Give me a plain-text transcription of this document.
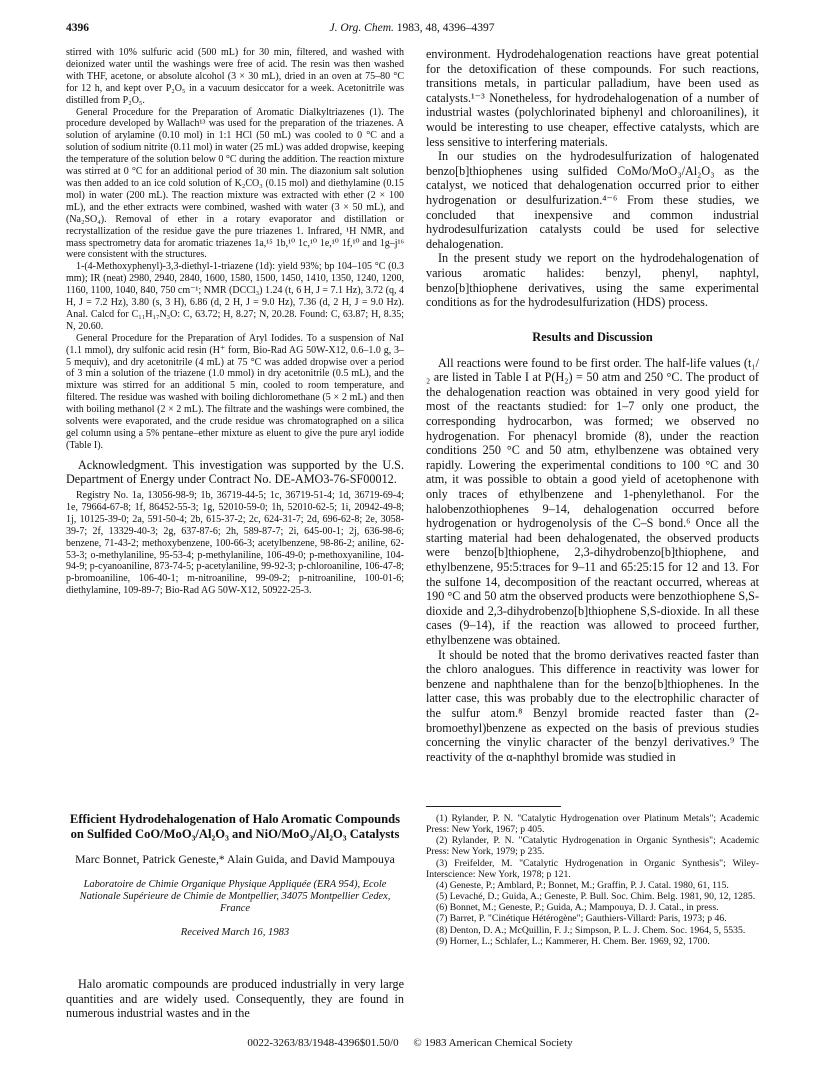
4396	J. Org. Chem. 1983, 48, 4396–4397

stirred with 10% sulfuric acid (500 mL) for 30 min, filtered, and washed with deionized water until the washings were free of acid. The resin was then washed with THF, acetone, or absolute alcohol (3 × 30 mL), dried in an oven at 75–80 °C for 12 h, and kept over P₂O₅ in a vacuum desiccator for a week. Acetonitrile was distilled from P₂O₅.

General Procedure for the Preparation of Aromatic Dialkyltriazenes (1). The procedure developed by Wallach¹³ was used for the preparation of the triazenes. A solution of arylamine (0.10 mol) in 1:1 HCl (50 mL) was cooled to 0 °C and a solution of sodium nitrite (0.11 mol) in water (25 mL) was added dropwise, keeping the temperature of the solution below 0 °C during the addition. The reaction mixture was stirred at 0 °C for an additional period of 30 min. The diazonium salt solution was then added to an ice cold solution of K₂CO₃ (0.15 mol) and diethylamine (0.15 mol) in water (200 mL). The reaction mixture was extracted with ether (2 × 100 mL), and the ether extracts were combined, washed with water (3 × 50 mL), and (Na₂SO₄). Removal of ether in a rotary evaporator and distillation or recrystallization of the residue gave the pure triazenes 1. Infrared, ¹H NMR, and mass spectrometry data for aromatic triazenes 1a,¹⁵ 1b,¹⁰ 1c,¹⁰ 1e,¹⁰ 1f,¹⁰ and 1g–j¹⁶ were consistent with the structures.

1-(4-Methoxyphenyl)-3,3-diethyl-1-triazene (1d): yield 93%; bp 104–105 °C (0.3 mm); IR (neat) 2980, 2940, 2840, 1600, 1580, 1500, 1450, 1410, 1350, 1240, 1200, 1160, 1100, 1040, 840, 750 cm⁻¹; NMR (DCCl₃) 1.24 (t, 6 H, J = 7.1 Hz), 3.72 (q, 4 H, J = 7.2 Hz), 3.80 (s, 3 H), 6.86 (d, 2 H, J = 9.0 Hz), 7.36 (d, 2 H, J = 9.0 Hz). Anal. Calcd for C₁₁H₁₇N₃O: C, 63.72; H, 8.27; N, 20.28. Found: C, 63.87; H, 8.35; N, 20.60.

General Procedure for the Preparation of Aryl Iodides. To a suspension of NaI (1.1 mmol), dry sulfonic acid resin (H⁺ form, Bio-Rad AG 50W-X12, 0.6–1.0 g, 3–5 mequiv), and dry acetonitrile (4 mL) at 75 °C was added dropwise over a period of 3 min a solution of the triazene (1.0 mmol) in dry acetonitrile (0.5 mL), and the mixture was stirred for an additional 5 min, cooled to room temperature, and filtered. The residue was washed with boiling dichloromethane (5 × 2 mL) and then with boiling methanol (2 × 2 mL). The filtrate and the washings were combined, the solvents were evaporated, and the crude residue was chromatographed on a silica gel column using a 5% pentane–ether mixture as eluent to give the pure aryl iodide (Table I).

Acknowledgment. This investigation was supported by the U.S. Department of Energy under Contract No. DE-AMO3-76-SF00012.

Registry No. 1a, 13056-98-9; 1b, 36719-44-5; 1c, 36719-51-4; 1d, 36719-69-4; 1e, 79664-67-8; 1f, 86452-55-3; 1g, 52010-59-0; 1h, 52010-62-5; 1i, 20942-49-8; 1j, 10125-39-0; 2a, 591-50-4; 2b, 615-37-2; 2c, 624-31-7; 2d, 696-62-8; 2e, 3058-39-7; 2f, 13329-40-3; 2g, 637-87-6; 2h, 589-87-7; 2i, 645-00-1; 2j, 636-98-6; benzene, 71-43-2; methoxybenzene, 100-66-3; acetylbenzene, 98-86-2; aniline, 62-53-3; o-methylaniline, 95-53-4; p-methylaniline, 106-49-0; p-methoxyaniline, 104-94-9; p-cyanoaniline, 873-74-5; p-acetylaniline, 99-92-3; p-chloroaniline, 106-47-8; p-bromoaniline, 106-40-1; m-nitroaniline, 99-09-2; p-nitroaniline, 100-01-6; diethylamine, 109-89-7; Bio-Rad AG 50W-X12, 50922-25-3.

Efficient Hydrodehalogenation of Halo Aromatic Compounds on Sulfided CoO/MoO₃/Al₂O₃ and NiO/MoO₃/Al₂O₃ Catalysts

Marc Bonnet, Patrick Geneste,* Alain Guida, and David Mampouya

Laboratoire de Chimie Organique Physique Appliquée (ERA 954), Ecole Nationale Supérieure de Chimie de Montpellier, 34075 Montpellier Cedex, France

Received March 16, 1983

Halo aromatic compounds are produced industrially in very large quantities and are widely used. Consequently, they are found in numerous industrial wastes and in the

environment. Hydrodehalogenation reactions have great potential for the detoxification of these compounds. For such reactions, transitions metals, in particular palladium, have been used as catalysts.¹⁻³ Nonetheless, for hydrodehalogenation of a number of industrial wastes (polychlorinated biphenyl and chloroanilines), it would be interesting to use cheaper, effective catalysts, which are less sensitive to interfering materials.

In our studies on the hydrodesulfurization of halogenated benzo[b]thiophenes using sulfided CoMo/MoO₃/Al₂O₃ as the catalyst, we noticed that dehalogenation occurred prior to either hydrogenation or desulfurization.⁴⁻⁶ From these studies, we concluded that inexpensive and common industrial hydrodesulfurization catalysts could be used for selective dehalogenation.

In the present study we report on the hydrodehalogenation of various aromatic halides: benzyl, phenyl, naphtyl, benzo[b]thiophene derivatives, using the same experimental conditions as for the hydrodesulfurization (HDS) process.

Results and Discussion

All reactions were found to be first order. The half-life values (t₁/₂ are listed in Table I at P(H₂) = 50 atm and 250 °C. The product of the dehalogenation reaction was obtained in very good yield for most of the reactants studied: for 1–7 only one product, the corresponding hydrocarbon, was formed; we observed no hydrogenation. For phenacyl bromide (8), under the reaction conditions 250 °C and 50 atm, ethylbenzene was obtained very rapidly. Lowering the experimental conditions to 100 °C and 30 atm, it was possible to obtain a good yield of acetophenone with only traces of ethylbenzene and 1-phenylethanol. For the halobenzothiophenes 9–14, dehalogenation occurred before hydrogenation or hydrogenolysis of the C–S bond.⁶ Once all the starting material had been dehalogenated, the observed products were benzo[b]thiophene, 2,3-dihydrobenzo[b]thiophene, and ethylbenzene, 95:5:traces for 9–11 and 65:25:15 for 12 and 13. For the sulfone 14, decomposition of the reactant occurred, whereas at 190 °C and 50 atm the observed products were benzothiophene S,S-dioxide and 2,3-dihydrobenzo[b]thiophene S,S-dioxide. In all these cases (9–14), if the reaction was allowed to proceed further, ethylbenzene was obtained.

It should be noted that the bromo derivatives reacted faster than the chloro analogues. This difference in reactivity was lower for benzene and naphthalene than for the benzo[b]thiophenes. In the latter case, this was probably due to the electrophilic character of the sulfur atom.⁸ Benzyl bromide reacted faster than (2-bromoethyl)benzene as expected on the basis of previous studies concerning the vinylic character of the benzyl derivatives.⁹ The reactivity of the α-naphthyl bromide was studied in

(1) Rylander, P. N. "Catalytic Hydrogenation over Platinum Metals"; Academic Press: New York, 1967; p 405.
(2) Rylander, P. N. "Catalytic Hydrogenation in Organic Synthesis"; Academic Press: New York, 1979; p 235.
(3) Freifelder, M. "Catalytic Hydrogenation in Organic Synthesis"; Wiley-Interscience: New York, 1978; p 121.
(4) Geneste, P.; Amblard, P.; Bonnet, M.; Graffin, P. J. Catal. 1980, 61, 115.
(5) Levaché, D.; Guida, A.; Geneste, P. Bull. Soc. Chim. Belg. 1981, 90, 12, 1285.
(6) Bonnet, M.; Geneste, P.; Guida, A.; Mampouya, D. J. Catal., in press.
(7) Barret, P. "Cinétique Hétérogène"; Gauthiers-Villard: Paris, 1973; p 46.
(8) Denton, D. A.; McQuillin, F. J.; Simpson, P. L. J. Chem. Soc. 1964, 5, 5535.
(9) Horner, L.; Schlafer, L.; Kammerer, H. Chem. Ber. 1969, 92, 1700.
0022-3263/83/1948-4396$01.50/0 © 1983 American Chemical Society
